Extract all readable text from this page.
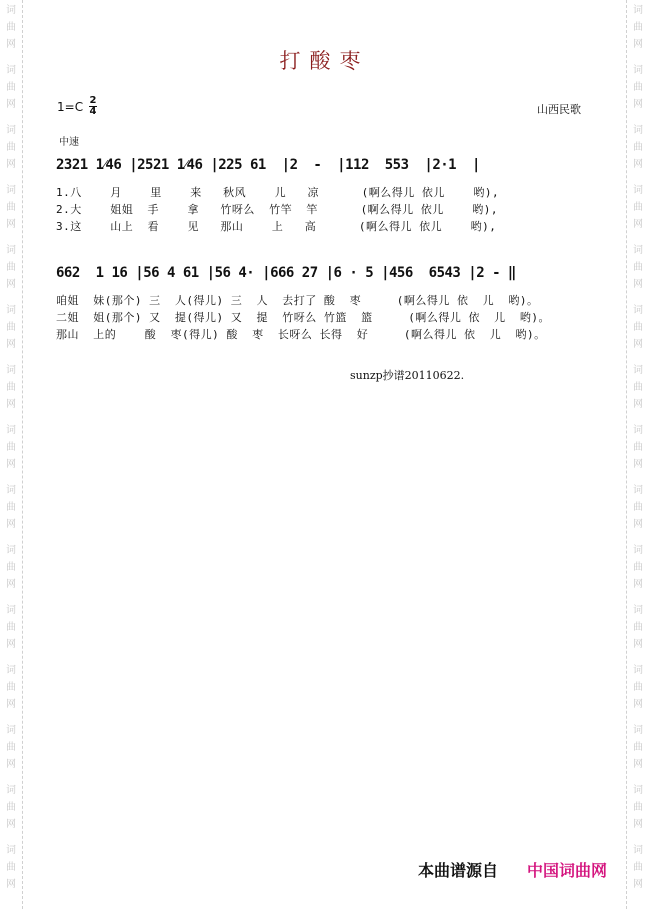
词
曲
网
词
曲
网
词
曲
网
词
曲
网
词
曲
网
词
曲
网
词
曲
网
词
曲
网
词
曲
网
词
曲
网
词
曲
网
词
曲
网
词
曲
网
词
曲
网
词
曲
网
词
曲
网
词
曲
网
词
曲
网
词
曲
网
词
曲
网
词
曲
网
词
曲
网
词
曲
网
词
曲
网
词
曲
网
词
曲
网
词
曲
网
词
曲
网
词
曲
网
词
曲
网
打酸枣
1=C 2
4	山西民歌
中速
2321 1⁄46 |2521 1⁄46 |225 61  |2  -  |112  553  |2·1  |
1.八    月    里    来   秋风    儿   凉      (啊么得儿 依儿    哟),
2.大    姐姐  手    拿   竹呀么  竹竿  竿      (啊么得儿 依儿    哟),
3.这    山上  看    见   那山    上   高      (啊么得儿 依儿    哟),
662  1 16 |56 4 61 |56 4· |666 27 |6 · 5 |456  6543 |2 - ‖
咱姐  妹(那个) 三  人(得儿) 三  人  去打了 酸  枣     (啊么得儿 依  儿  哟)。
二姐  姐(那个) 又  提(得儿) 又  提  竹呀么 竹篮  篮     (啊么得儿 依  儿  哟)。
那山  上的    酸  枣(得儿) 酸  枣  长呀么 长得  好     (啊么得儿 依  儿  哟)。
sunzp抄谱20110622.
本曲谱源自 中国词曲网
